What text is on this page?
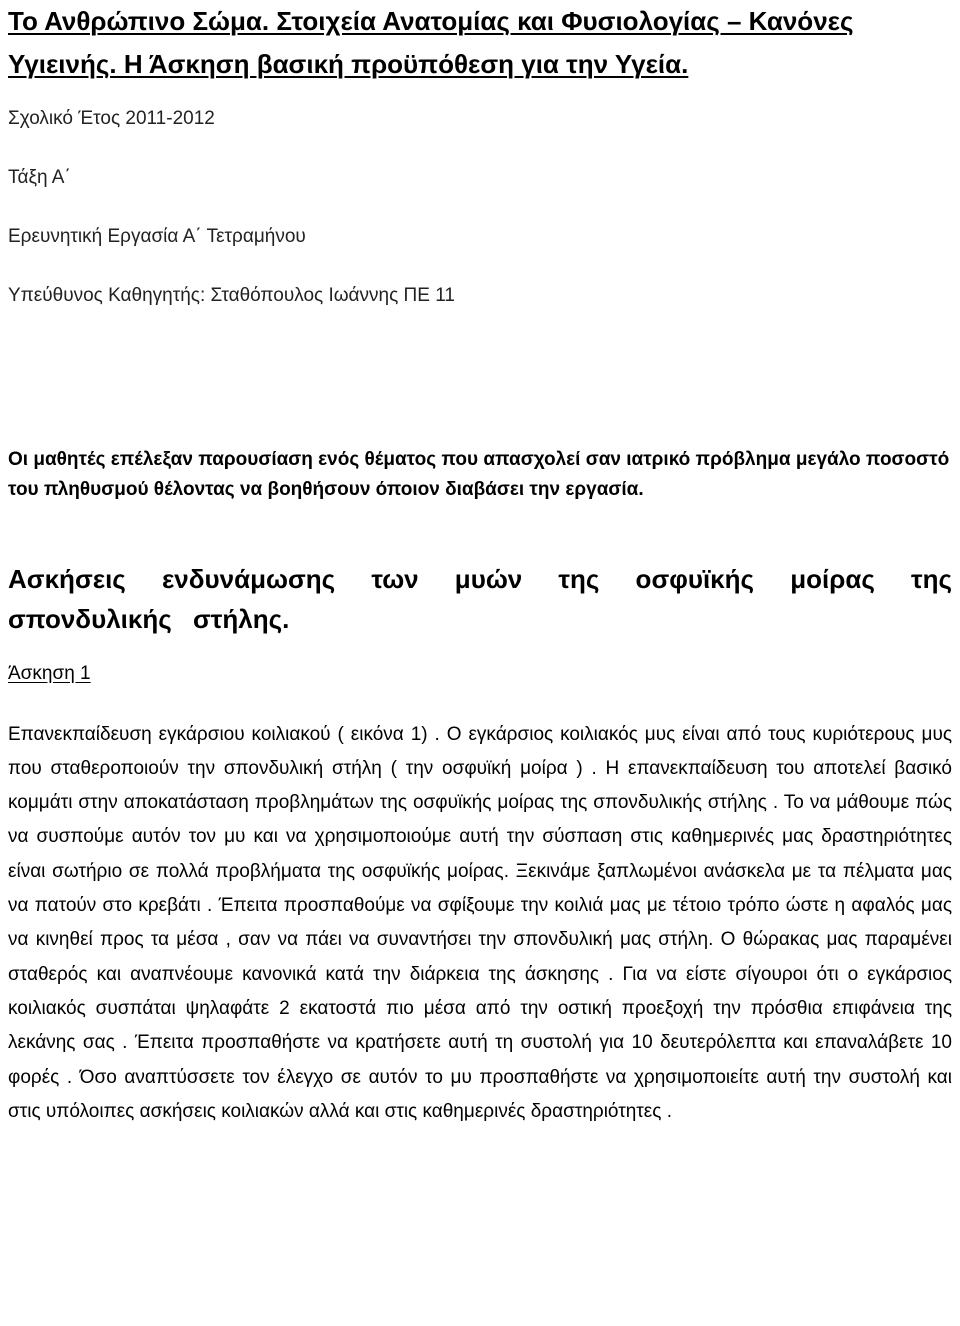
Το Ανθρώπινο Σώμα. Στοιχεία Ανατομίας και Φυσιολογίας – Κανόνες Υγιεινής. Η Άσκηση βασική προϋπόθεση για την Υγεία.

Σχολικό Έτος 2011-2012

Τάξη Α΄

Ερευνητική Εργασία Α΄ Τετραμήνου

Υπεύθυνος Καθηγητής: Σταθόπουλος Ιωάννης ΠΕ 11

Οι μαθητές επέλεξαν παρουσίαση ενός θέματος που απασχολεί σαν ιατρικό πρόβλημα μεγάλο ποσοστό του πληθυσμού θέλοντας να βοηθήσουν όποιον διαβάσει την εργασία.

Ασκήσεις ενδυνάμωσης των μυών της οσφυϊκής μοίρας της σπονδυλικής στήλης.

Άσκηση 1

Επανεκπαίδευση εγκάρσιου κοιλιακού ( εικόνα 1) . Ο εγκάρσιος κοιλιακός μυς είναι από τους κυριότερους μυς που σταθεροποιούν την σπονδυλική στήλη ( την οσφυϊκή μοίρα ) . Η επανεκπαίδευση του αποτελεί βασικό κομμάτι στην αποκατάσταση προβλημάτων της οσφυϊκής μοίρας της σπονδυλικής στήλης . Το να μάθουμε πώς να συσπούμε αυτόν τον μυ και να χρησιμοποιούμε αυτή την σύσπαση στις καθημερινές μας δραστηριότητες είναι σωτήριο σε πολλά προβλήματα της οσφυϊκής μοίρας. Ξεκινάμε ξαπλωμένοι ανάσκελα με τα πέλματα μας να πατούν στο κρεβάτι . Έπειτα προσπαθούμε να σφίξουμε την κοιλιά μας με τέτοιο τρόπο ώστε η αφαλός μας να κινηθεί προς τα μέσα , σαν να πάει να συναντήσει την σπονδυλική μας στήλη. Ο θώρακας μας παραμένει σταθερός και αναπνέουμε κανονικά κατά την διάρκεια της άσκησης . Για να είστε σίγουροι ότι ο εγκάρσιος κοιλιακός συσπάται ψηλαφάτε 2 εκατοστά πιο μέσα από την οστική προεξοχή την πρόσθια επιφάνεια της λεκάνης σας . Έπειτα προσπαθήστε να κρατήσετε αυτή τη συστολή για 10 δευτερόλεπτα και επαναλάβετε 10 φορές . Όσο αναπτύσσετε τον έλεγχο σε αυτόν το μυ προσπαθήστε να χρησιμοποιείτε αυτή την συστολή και στις υπόλοιπες ασκήσεις κοιλιακών αλλά και στις καθημερινές δραστηριότητες .
